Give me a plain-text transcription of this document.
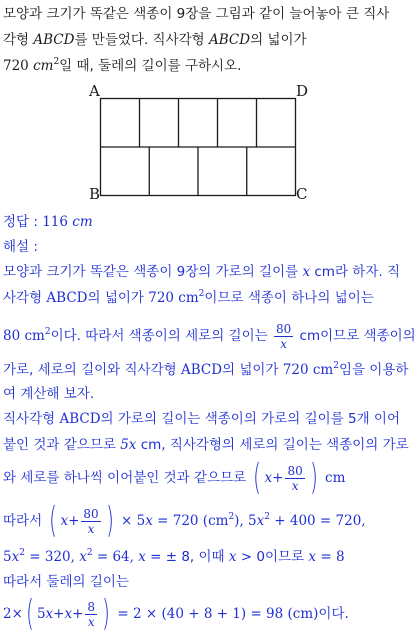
모양과 크기가 똑같은 색종이 9장을 그림과 같이 늘어놓아 큰 직사
각형 ABCD를 만들었다. 직사각형 ABCD의 넓이가
720 $cm^2$일 때, 둘레의 길이를 구하시오.
A	D
B	C
정답 : 116 cm
해설 :
모양과 크기가 똑같은 색종이 9장의 가로의 길이를 x cm라 하자. 직
사각형 ABCD의 넓이가 720 $cm^2$이므로 색종이 하나의 넓이는
80 $cm^2$이다. 따라서 색종이의 세로의 길이는 $\frac{80}{x}$ cm이므로 색종이의
가로, 세로의 길이와 직사각형 ABCD의 넓이가 720 $cm^2$임을 이용하
여 계산해 보자.
직사각형 ABCD의 가로의 길이는 색종이의 가로의 길이를 5개 이어
붙인 것과 같으므로 5x cm, 직사각형의 세로의 길이는 색종이의 가로
와 세로를 하나씩 이어붙인 것과 같으므로 ( $x + \frac{80}{x}$ ) cm
따라서 ( $x + \frac{80}{x}$ ) × 5x = 720 $(cm^2)$, $5x^2 + 400 = 720$,
$5x^2 = 320$, $x^2 = 64$, x = ± 8, 이때 x > 0이므로 x = 8
따라서 둘레의 길이는
2× ( 5 $x + x + \frac{8}{x}$ ) = 2 × (40 + 8 + 1) = 98 (cm)이다.
